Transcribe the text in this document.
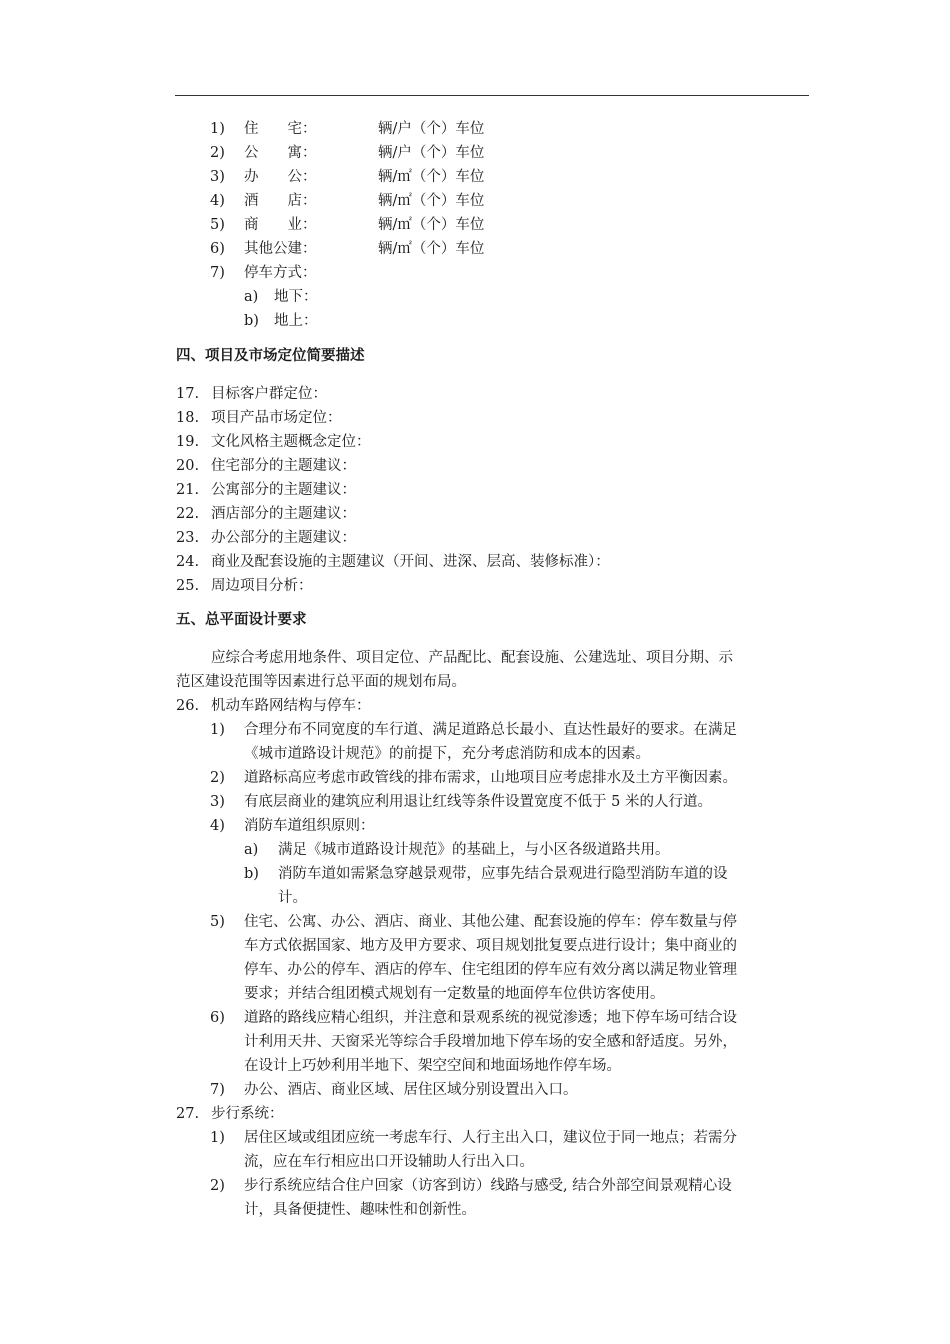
1) 住　　宅：	辆/户（个）车位
2) 公　　寓：	辆/户（个）车位
3) 办　　公：	辆/㎡（个）车位
4) 酒　　店：	辆/㎡（个）车位
5) 商　　业：	辆/㎡（个）车位
6) 其他公建：	辆/㎡（个）车位
7) 停车方式：
a) 地下：
b) 地上：
四、项目及市场定位简要描述
17. 目标客户群定位：
18. 项目产品市场定位：
19. 文化风格主题概念定位：
20. 住宅部分的主题建议：
21. 公寓部分的主题建议：
22. 酒店部分的主题建议：
23. 办公部分的主题建议：
24. 商业及配套设施的主题建议（开间、进深、层高、装修标准）：
25. 周边项目分析：
五、总平面设计要求
应综合考虑用地条件、项目定位、产品配比、配套设施、公建选址、项目分期、示
范区建设范围等因素进行总平面的规划布局。
26. 机动车路网结构与停车：
1) 合理分布不同宽度的车行道、满足道路总长最小、直达性最好的要求。在满足
《城市道路设计规范》的前提下，充分考虑消防和成本的因素。
2) 道路标高应考虑市政管线的排布需求，山地项目应考虑排水及土方平衡因素。
3) 有底层商业的建筑应利用退让红线等条件设置宽度不低于 5 米的人行道。
4) 消防车道组织原则：
a) 满足《城市道路设计规范》的基础上，与小区各级道路共用。
b) 消防车道如需紧急穿越景观带，应事先结合景观进行隐型消防车道的设
计。
5) 住宅、公寓、办公、酒店、商业、其他公建、配套设施的停车：停车数量与停
车方式依据国家、地方及甲方要求、项目规划批复要点进行设计；集中商业的
停车、办公的停车、酒店的停车、住宅组团的停车应有效分离以满足物业管理
要求；并结合组团模式规划有一定数量的地面停车位供访客使用。
6) 道路的路线应精心组织，并注意和景观系统的视觉渗透；地下停车场可结合设
计利用天井、天窗采光等综合手段增加地下停车场的安全感和舒适度。另外，
在设计上巧妙利用半地下、架空空间和地面场地作停车场。
7) 办公、酒店、商业区域、居住区域分别设置出入口。
27. 步行系统：
1) 居住区域或组团应统一考虑车行、人行主出入口，建议位于同一地点；若需分
流，应在车行相应出口开设辅助人行出入口。
2) 步行系统应结合住户回家（访客到访）线路与感受, 结合外部空间景观精心设
计，具备便捷性、趣味性和创新性。
